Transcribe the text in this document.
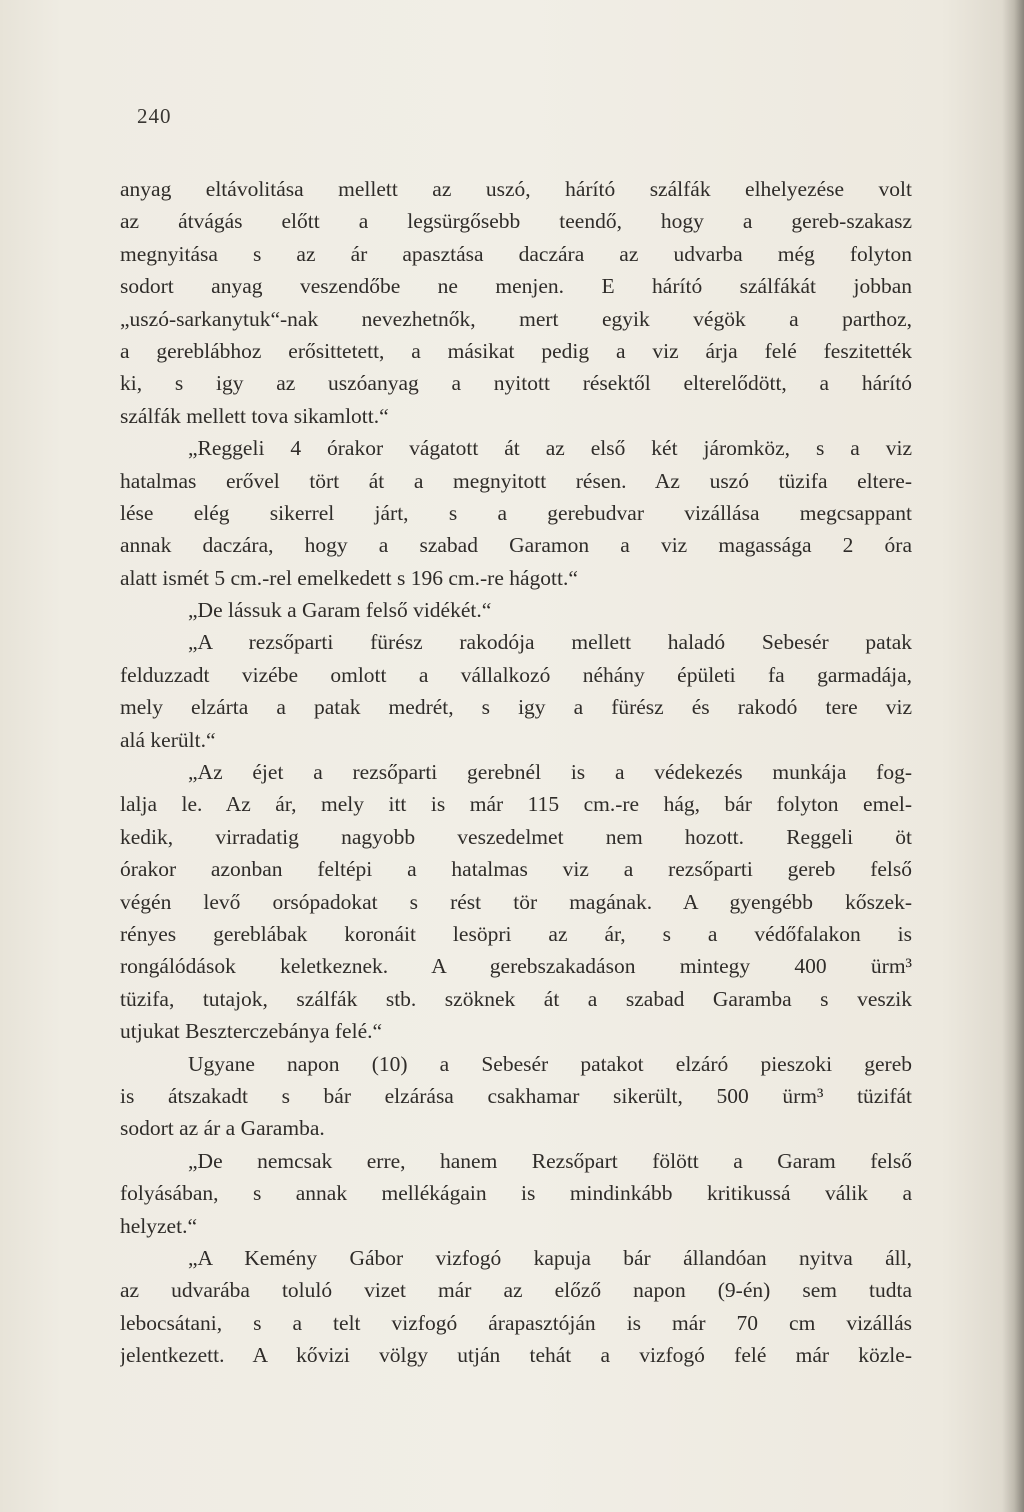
240
anyag eltávolitása mellett az uszó, hárító szálfák elhelyezése volt
az átvágás előtt a legsürgősebb teendő, hogy a gereb-szakasz
megnyitása s az ár apasztása daczára az udvarba még folyton
sodort anyag veszendőbe ne menjen. E hárító szálfákát jobban
„uszó-sarkanytuk“-nak nevezhetnők, mert egyik végök a parthoz,
a gereblábhoz erősittetett, a másikat pedig a viz árja felé feszitették
ki, s igy az uszóanyag a nyitott résektől elterelődött, a hárító
szálfák mellett tova sikamlott.“
„Reggeli 4 órakor vágatott át az első két járomköz, s a viz
hatalmas erővel tört át a megnyitott résen. Az uszó tüzifa eltere-
lése elég sikerrel járt, s a gerebudvar vizállása megcsappant
annak daczára, hogy a szabad Garamon a viz magassága 2 óra
alatt ismét 5 cm.-rel emelkedett s 196 cm.-re hágott.“
„De lássuk a Garam felső vidékét.“
„A rezsőparti fürész rakodója mellett haladó Sebesér patak
felduzzadt vizébe omlott a vállalkozó néhány épületi fa garmadája,
mely elzárta a patak medrét, s igy a fürész és rakodó tere viz
alá került.“
„Az éjet a rezsőparti gerebnél is a védekezés munkája fog-
lalja le. Az ár, mely itt is már 115 cm.-re hág, bár folyton emel-
kedik, virradatig nagyobb veszedelmet nem hozott. Reggeli öt
órakor azonban feltépi a hatalmas viz a rezsőparti gereb felső
végén levő orsópadokat s rést tör magának. A gyengébb kőszek-
rényes gereblábak koronáit lesöpri az ár, s a védőfalakon is
rongálódások keletkeznek. A gerebszakadáson mintegy 400 ürm³
tüzifa, tutajok, szálfák stb. szöknek át a szabad Garamba s veszik
utjukat Beszterczebánya felé.“
Ugyane napon (10) a Sebesér patakot elzáró pieszoki gereb
is átszakadt s bár elzárása csakhamar sikerült, 500 ürm³ tüzifát
sodort az ár a Garamba.
„De nemcsak erre, hanem Rezsőpart fölött a Garam felső
folyásában, s annak mellékágain is mindinkább kritikussá válik a
helyzet.“
„A Kemény Gábor vizfogó kapuja bár állandóan nyitva áll,
az udvarába toluló vizet már az előző napon (9-én) sem tudta
lebocsátani, s a telt vizfogó árapasztóján is már 70 cm vizállás
jelentkezett. A kővizi völgy utján tehát a vizfogó felé már közle-
